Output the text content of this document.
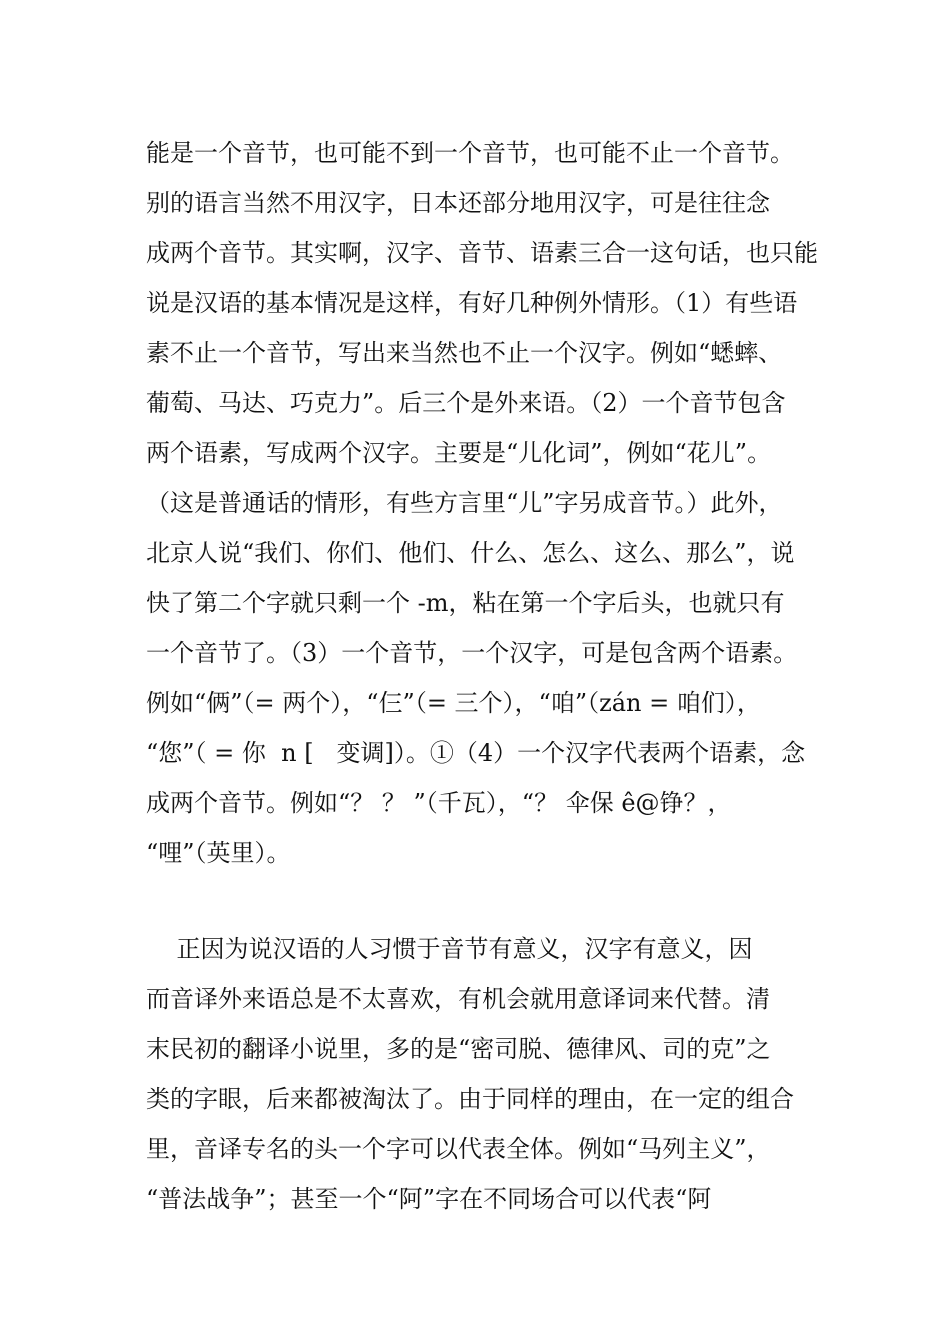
能是一个音节，也可能不到一个音节，也可能不止一个音节。
别的语言当然不用汉字，日本还部分地用汉字，可是往往念
成两个音节。其实啊，汉字、音节、语素三合一这句话，也只能
说是汉语的基本情况是这样，有好几种例外情形。（1）有些语
素不止一个音节，写出来当然也不止一个汉字。例如“蟋蟀、
葡萄、马达、巧克力”。后三个是外来语。（2）一个音节包含
两个语素，写成两个汉字。主要是“儿化词”，例如“花儿”。
（这是普通话的情形，有些方言里“儿”字另成音节。）此外，
北京人说“我们、你们、他们、什么、怎么、这么、那么”，说
快了第二个字就只剩一个 -m，粘在第一个字后头，也就只有
一个音节了。（3）一个音节，一个汉字，可是包含两个语素。
例如“俩”（= 两个），“仨”（= 三个），“咱”（zán = 咱们），
“您”（ = 你  n [   变调]）。①（4）一个汉字代表两个语素，念
成两个音节。例如“？ ？ ”（千瓦），“？ 伞保 ê@铮？，
“哩”（英里）。
正因为说汉语的人习惯于音节有意义，汉字有意义，因
而音译外来语总是不太喜欢，有机会就用意译词来代替。清
末民初的翻译小说里，多的是“密司脱、德律风、司的克”之
类的字眼，后来都被淘汰了。由于同样的理由，在一定的组合
里，音译专名的头一个字可以代表全体。例如“马列主义”，
“普法战争”；甚至一个“阿”字在不同场合可以代表“阿
